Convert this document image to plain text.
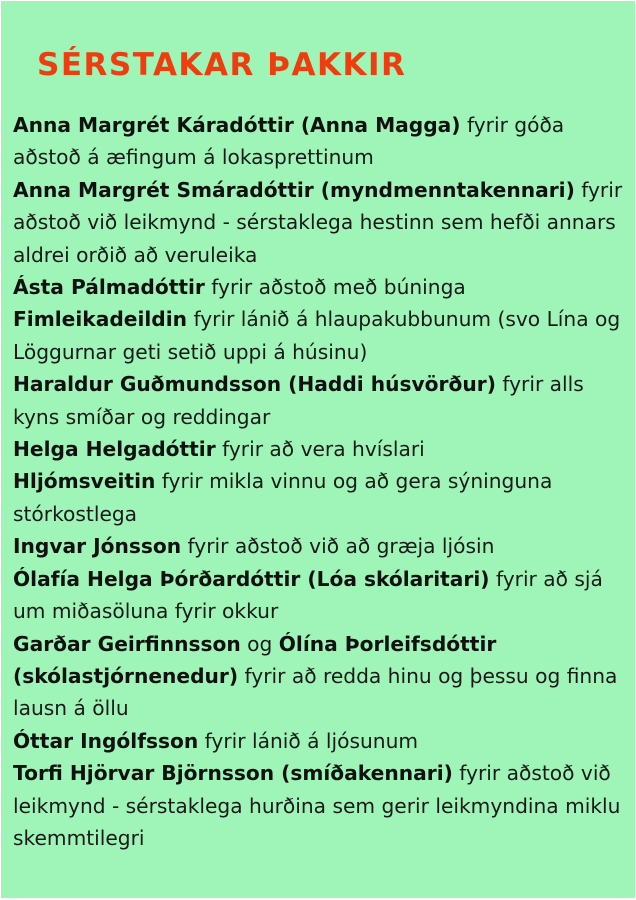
SÉRSTAKAR ÞAKKIR

Anna Margrét Káradóttir (Anna Magga) fyrir góða aðstoð á æfingum á lokasprettinum

Anna Margrét Smáradóttir (myndmenntakennari) fyrir aðstoð við leikmynd - sérstaklega hestinn sem hefði annars aldrei orðið að veruleika

Ásta Pálmadóttir fyrir aðstoð með búninga

Fimleikadeildin fyrir lánið á hlaupakubbunum (svo Lína og Löggurnar geti setið uppi á húsinu)

Haraldur Guðmundsson (Haddi húsvörður) fyrir alls kyns smíðar og reddingar

Helga Helgadóttir fyrir að vera hvíslari

Hljómsveitin fyrir mikla vinnu og að gera sýninguna stórkostlega

Ingvar Jónsson fyrir aðstoð við að græja ljósin

Ólafía Helga Þórðardóttir (Lóa skólaritari) fyrir að sjá um miðasöluna fyrir okkur

Garðar Geirfinnsson og Ólína Þorleifsdóttir (skólastjórnenedur) fyrir að redda hinu og þessu og finna lausn á öllu

Óttar Ingólfsson fyrir lánið á ljósunum

Torfi Hjörvar Björnsson (smíðakennari) fyrir aðstoð við leikmynd - sérstaklega hurðina sem gerir leikmyndina miklu skemmtilegri
